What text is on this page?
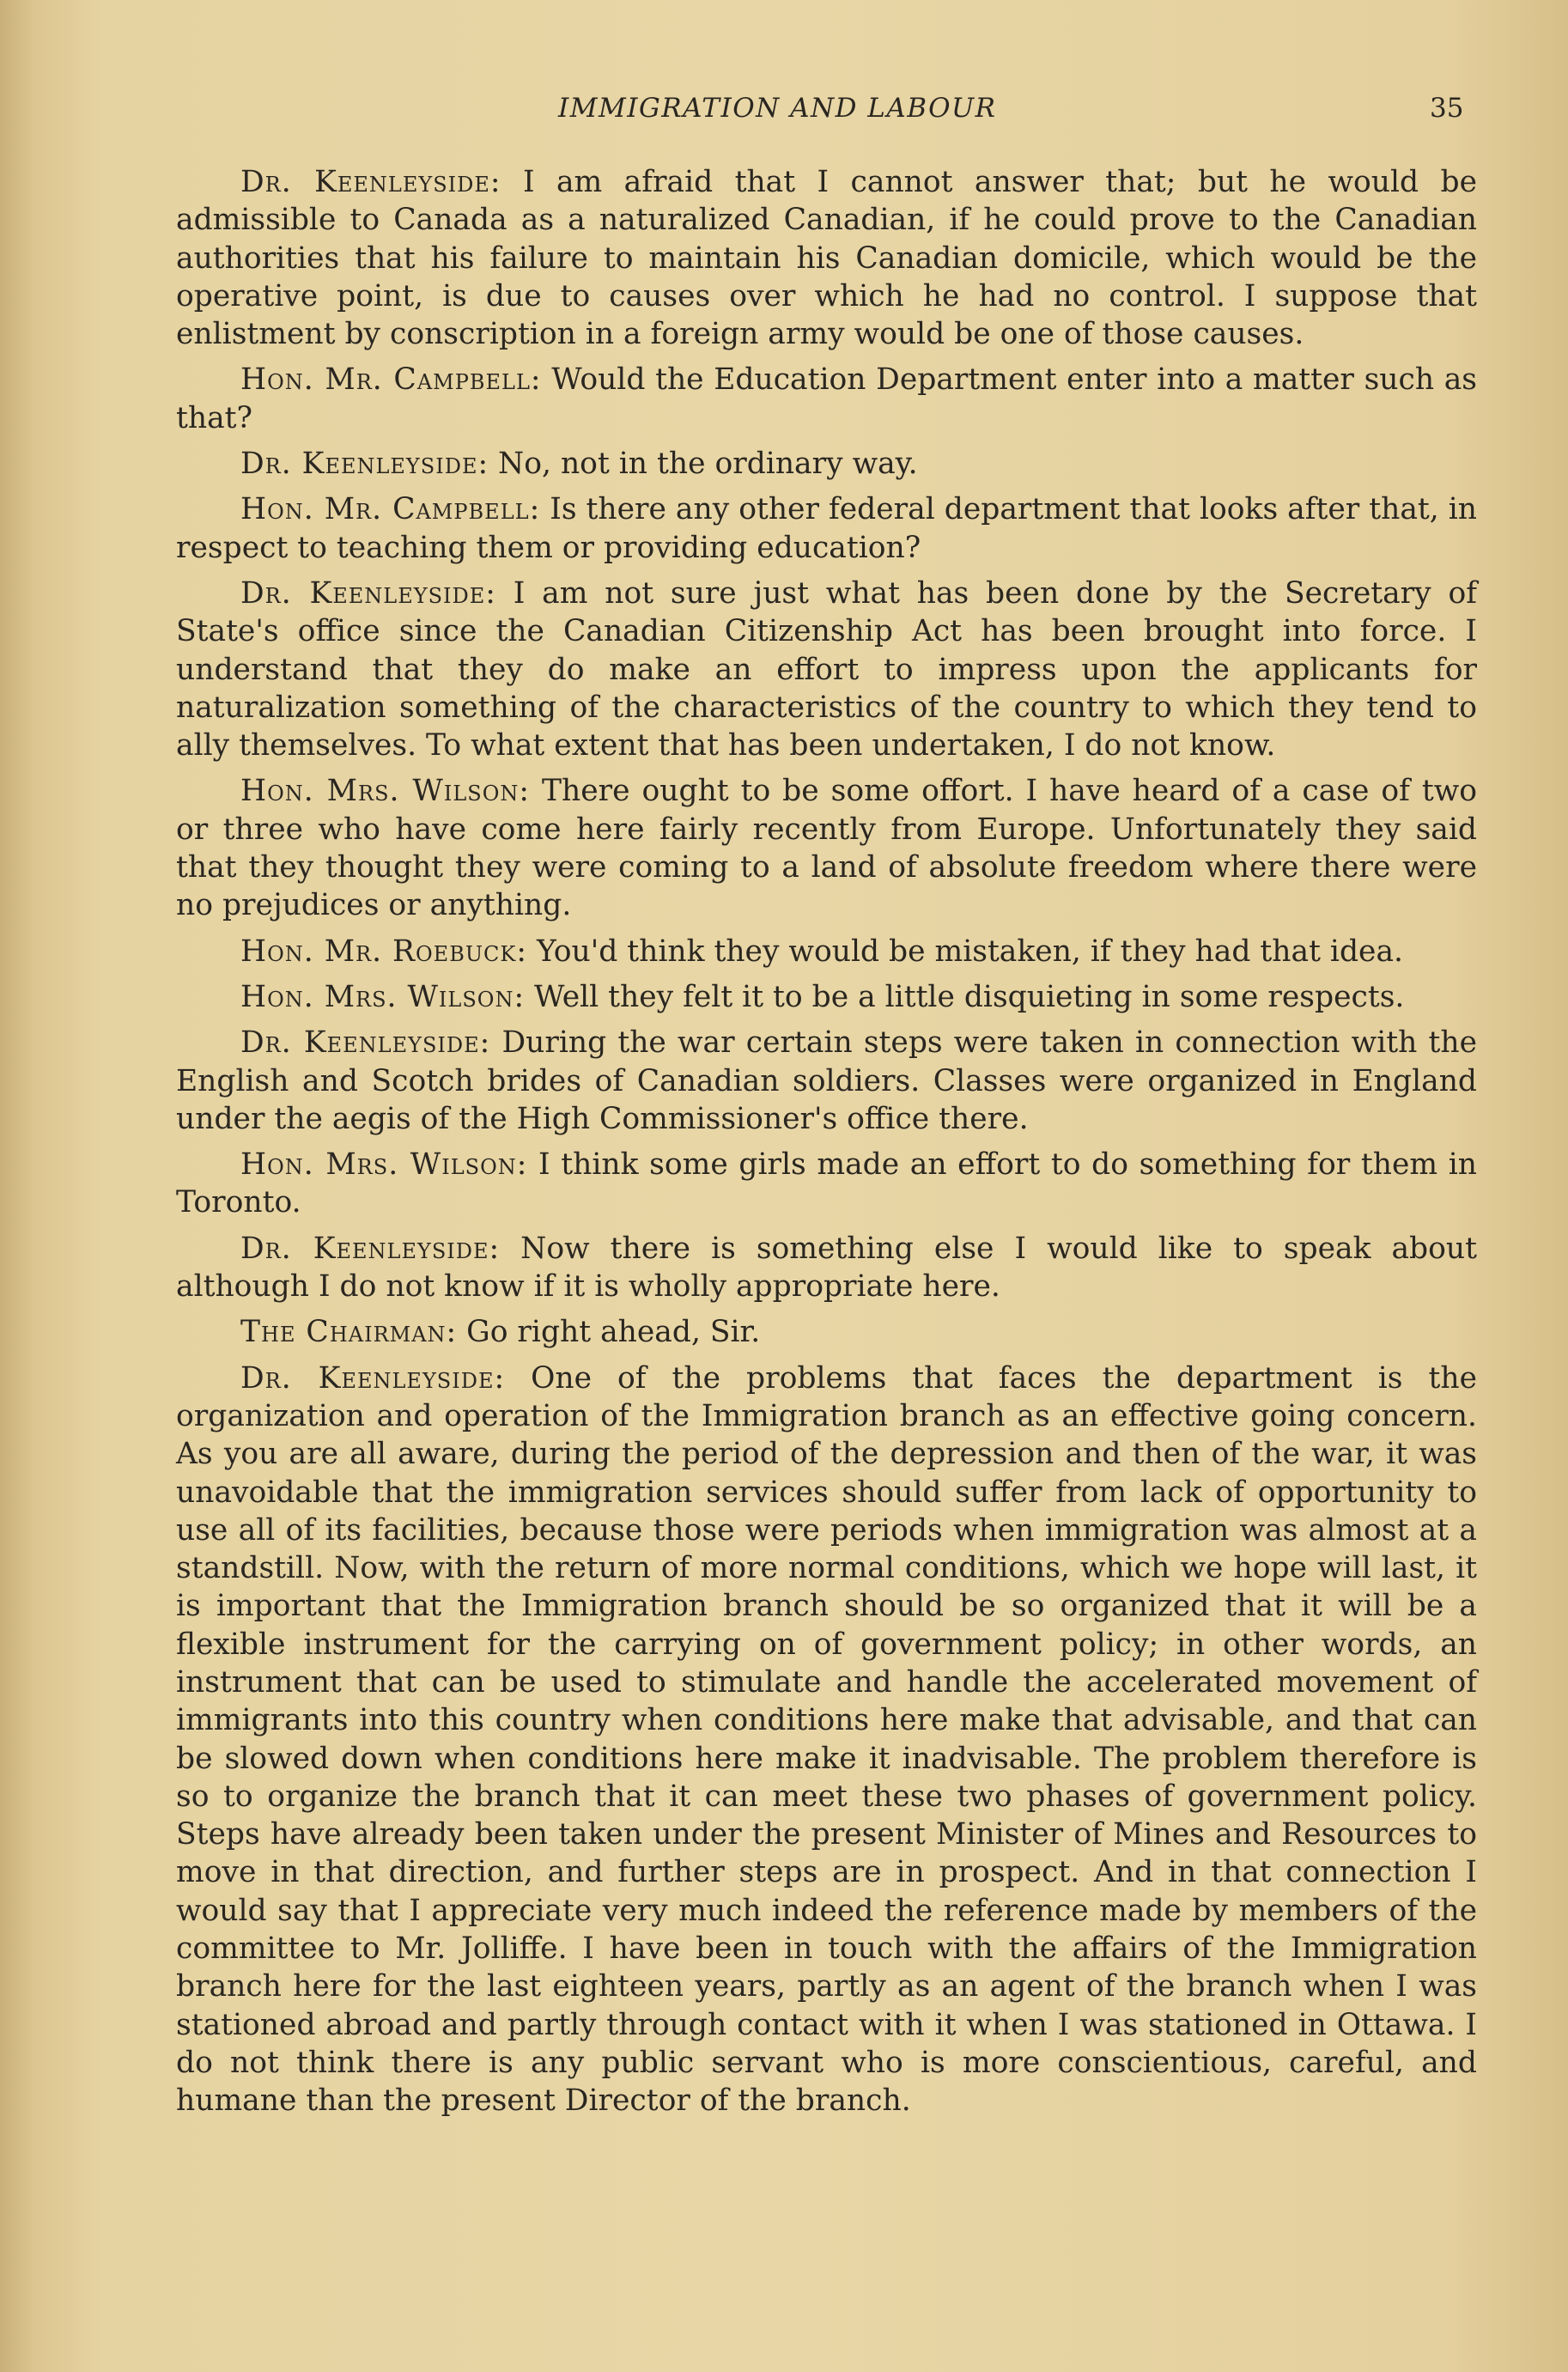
IMMIGRATION AND LABOUR	35

Dr. Keenleyside: I am afraid that I cannot answer that; but he would be admissible to Canada as a naturalized Canadian, if he could prove to the Canadian authorities that his failure to maintain his Canadian domicile, which would be the operative point, is due to causes over which he had no control. I suppose that enlistment by conscription in a foreign army would be one of those causes.

Hon. Mr. Campbell: Would the Education Department enter into a matter such as that?

Dr. Keenleyside: No, not in the ordinary way.

Hon. Mr. Campbell: Is there any other federal department that looks after that, in respect to teaching them or providing education?

Dr. Keenleyside: I am not sure just what has been done by the Secretary of State's office since the Canadian Citizenship Act has been brought into force. I understand that they do make an effort to impress upon the applicants for naturalization something of the characteristics of the country to which they tend to ally themselves. To what extent that has been undertaken, I do not know.

Hon. Mrs. Wilson: There ought to be some offort. I have heard of a case of two or three who have come here fairly recently from Europe. Unfortunately they said that they thought they were coming to a land of absolute freedom where there were no prejudices or anything.

Hon. Mr. Roebuck: You'd think they would be mistaken, if they had that idea.

Hon. Mrs. Wilson: Well they felt it to be a little disquieting in some respects.

Dr. Keenleyside: During the war certain steps were taken in connection with the English and Scotch brides of Canadian soldiers. Classes were organized in England under the aegis of the High Commissioner's office there.

Hon. Mrs. Wilson: I think some girls made an effort to do something for them in Toronto.

Dr. Keenleyside: Now there is something else I would like to speak about although I do not know if it is wholly appropriate here.

The Chairman: Go right ahead, Sir.

Dr. Keenleyside: One of the problems that faces the department is the organization and operation of the Immigration branch as an effective going concern. As you are all aware, during the period of the depression and then of the war, it was unavoidable that the immigration services should suffer from lack of opportunity to use all of its facilities, because those were periods when immigration was almost at a standstill. Now, with the return of more normal conditions, which we hope will last, it is important that the Immigration branch should be so organized that it will be a flexible instrument for the carrying on of government policy; in other words, an instrument that can be used to stimulate and handle the accelerated movement of immigrants into this country when conditions here make that advisable, and that can be slowed down when conditions here make it inadvisable. The problem therefore is so to organize the branch that it can meet these two phases of government policy. Steps have already been taken under the present Minister of Mines and Resources to move in that direction, and further steps are in prospect. And in that connection I would say that I appreciate very much indeed the reference made by members of the committee to Mr. Jolliffe. I have been in touch with the affairs of the Immigration branch here for the last eighteen years, partly as an agent of the branch when I was stationed abroad and partly through contact with it when I was stationed in Ottawa. I do not think there is any public servant who is more conscientious, careful, and humane than the present Director of the branch.
